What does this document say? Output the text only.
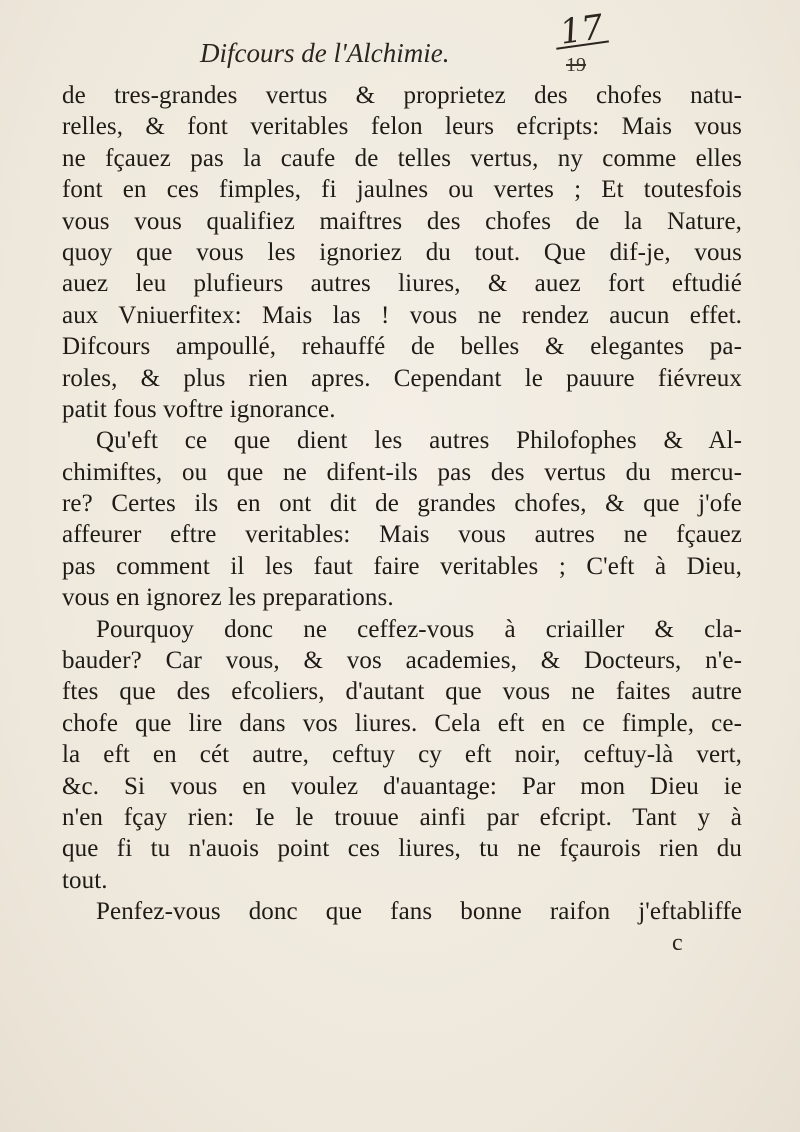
17
Difcours de l'Alchimie.	19
de tres-grandes vertus & proprietez des chofes natu-
relles, & font veritables felon leurs efcripts: Mais vous
ne fçauez pas la caufe de telles vertus, ny comme elles
font en ces fimples, fi jaulnes ou vertes ; Et toutesfois
vous vous qualifiez maiftres des chofes de la Nature,
quoy que vous les ignoriez du tout. Que dif-je, vous
auez leu plufieurs autres liures, & auez fort eftudié
aux Vniuerfitex: Mais las ! vous ne rendez aucun effet.
Difcours ampoullé, rehauffé de belles & elegantes pa-
roles, & plus rien apres. Cependant le pauure fiévreux
patit fous voftre ignorance.
Qu'eft ce que dient les autres Philofophes & Al-
chimiftes, ou que ne difent-ils pas des vertus du mercu-
re? Certes ils en ont dit de grandes chofes, & que j'ofe
affeurer eftre veritables: Mais vous autres ne fçauez
pas comment il les faut faire veritables ; C'eft à Dieu,
vous en ignorez les preparations.
Pourquoy donc ne ceffez-vous à criailler & cla-
bauder? Car vous, & vos academies, & Docteurs, n'e-
ftes que des efcoliers, d'autant que vous ne faites autre
chofe que lire dans vos liures. Cela eft en ce fimple, ce-
la eft en cét autre, ceftuy cy eft noir, ceftuy-là vert,
&c. Si vous en voulez d'auantage: Par mon Dieu ie
n'en fçay rien: Ie le trouue ainfi par efcript. Tant y à
que fi tu n'auois point ces liures, tu ne fçaurois rien du
tout.
Penfez-vous donc que fans bonne raifon j'eftabliffe
c
